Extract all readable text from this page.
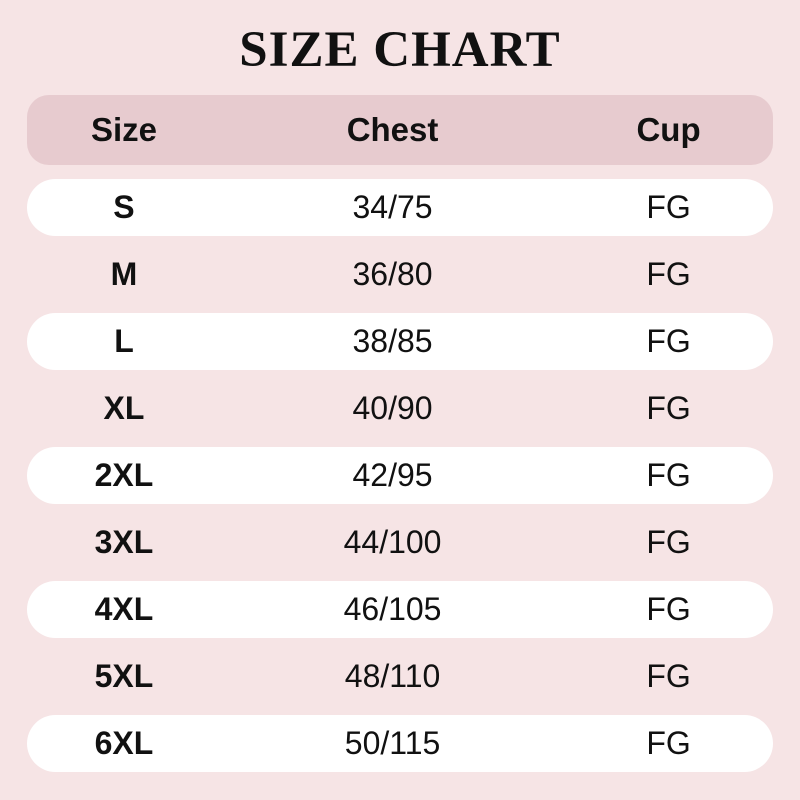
SIZE CHART
Size	Chest	Cup
S	34/75	FG
M	36/80	FG
L	38/85	FG
XL	40/90	FG
2XL	42/95	FG
3XL	44/100	FG
4XL	46/105	FG
5XL	48/110	FG
6XL	50/115	FG
